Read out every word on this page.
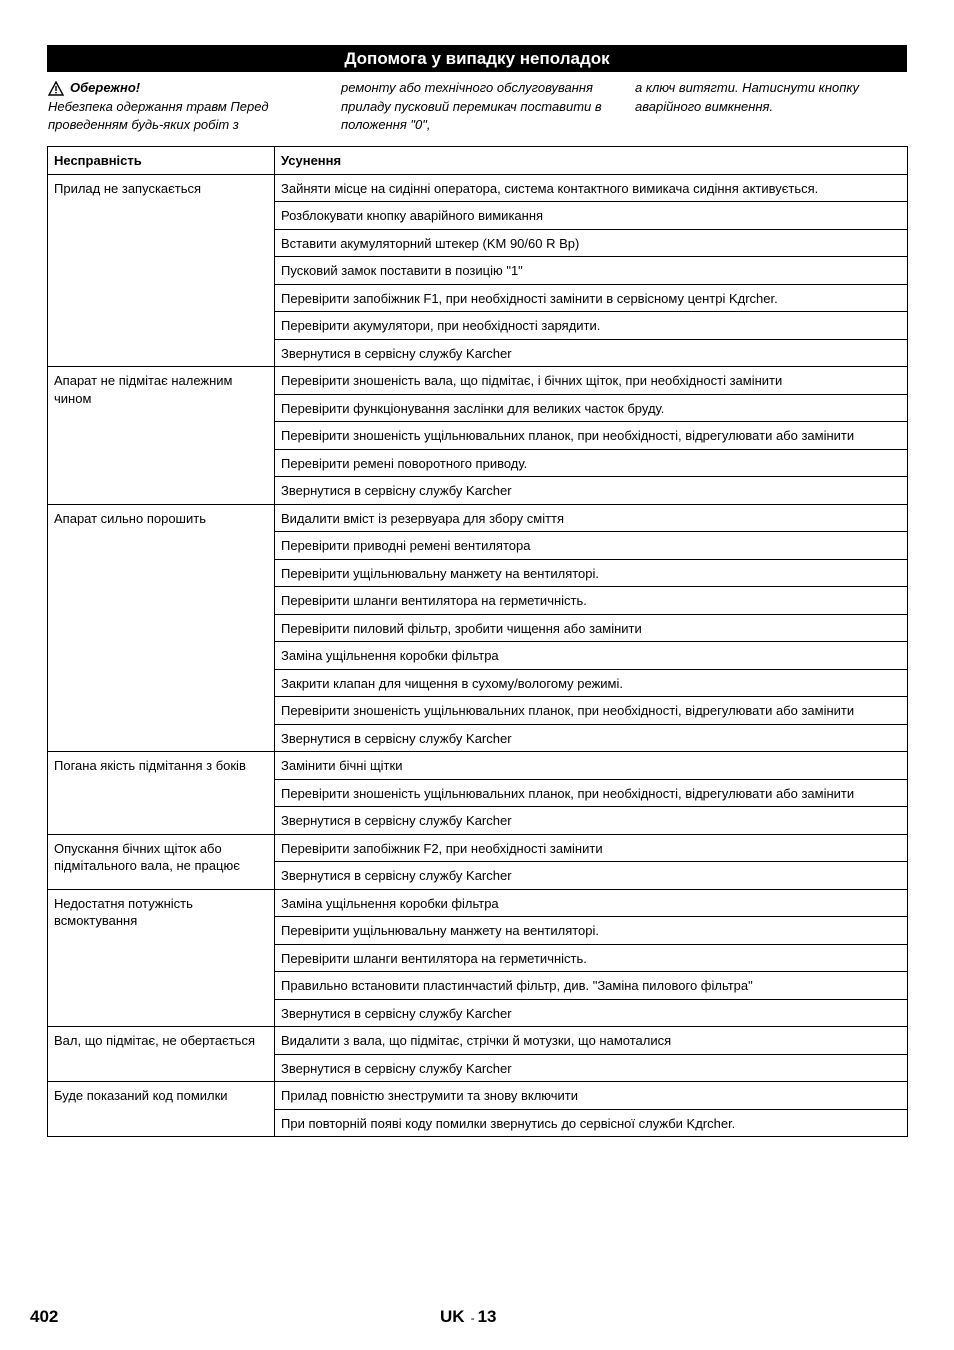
Допомога у випадку неполадок
Обережно!
Небезпека одержання травм Перед проведенням будь-яких робіт з
ремонту або технічного обслуговування приладу пусковий перемикач поставити в положення "0",
а ключ витягти. Натиснути кнопку аварійного вимкнення.
Несправність	Усунення
Прилад не запускається	Зайняти місце на сидінні оператора, система контактного вимикача сидіння активується.
	Розблокувати кнопку аварійного вимикання
	Вставити акумуляторний штекер (KM 90/60 R Bp)
	Пусковий замок поставити в позицію "1"
	Перевірити запобіжник F1, при необхідності замінити в сервісному центрі Kдrcher.
	Перевірити акумулятори, при необхідності зарядити.
	Звернутися в сервісну службу Karcher
Апарат не підмітає належним чином	Перевірити зношеність вала, що підмітає, і бічних щіток, при необхідності замінити
	Перевірити функціонування заслінки для великих часток бруду.
	Перевірити зношеність ущільнювальних планок, при необхідності, відрегулювати або замінити
	Перевірити ремені поворотного приводу.
	Звернутися в сервісну службу Karcher
Апарат сильно порошить	Видалити вміст із резервуара для збору сміття
	Перевірити приводні ремені вентилятора
	Перевірити ущільнювальну манжету на вентиляторі.
	Перевірити шланги вентилятора на герметичність.
	Перевірити пиловий фільтр, зробити чищення або замінити
	Заміна ущільнення коробки фільтра
	Закрити клапан для чищення в сухому/вологому режимі.
	Перевірити зношеність ущільнювальних планок, при необхідності, відрегулювати або замінити
	Звернутися в сервісну службу Karcher
Погана якість підмітання з боків	Замінити бічні щітки
	Перевірити зношеність ущільнювальних планок, при необхідності, відрегулювати або замінити
	Звернутися в сервісну службу Karcher
Опускання бічних щіток або підмітального вала, не працює	Перевірити запобіжник F2, при необхідності замінити
	Звернутися в сервісну службу Karcher
Недостатня потужність всмоктування	Заміна ущільнення коробки фільтра
	Перевірити ущільнювальну манжету на вентиляторі.
	Перевірити шланги вентилятора на герметичність.
	Правильно встановити пластинчастий фільтр, див. "Заміна пилового фільтра"
	Звернутися в сервісну службу Karcher
Вал, що підмітає, не обертається	Видалити з вала, що підмітає, стрічки й мотузки, що намоталися
	Звернутися в сервісну службу Karcher
Буде показаний код помилки	Прилад повністю знеструмити та знову включити
	При повторній появі коду помилки звернутись до сервісної служби Kдrcher.
402	UK - 13
